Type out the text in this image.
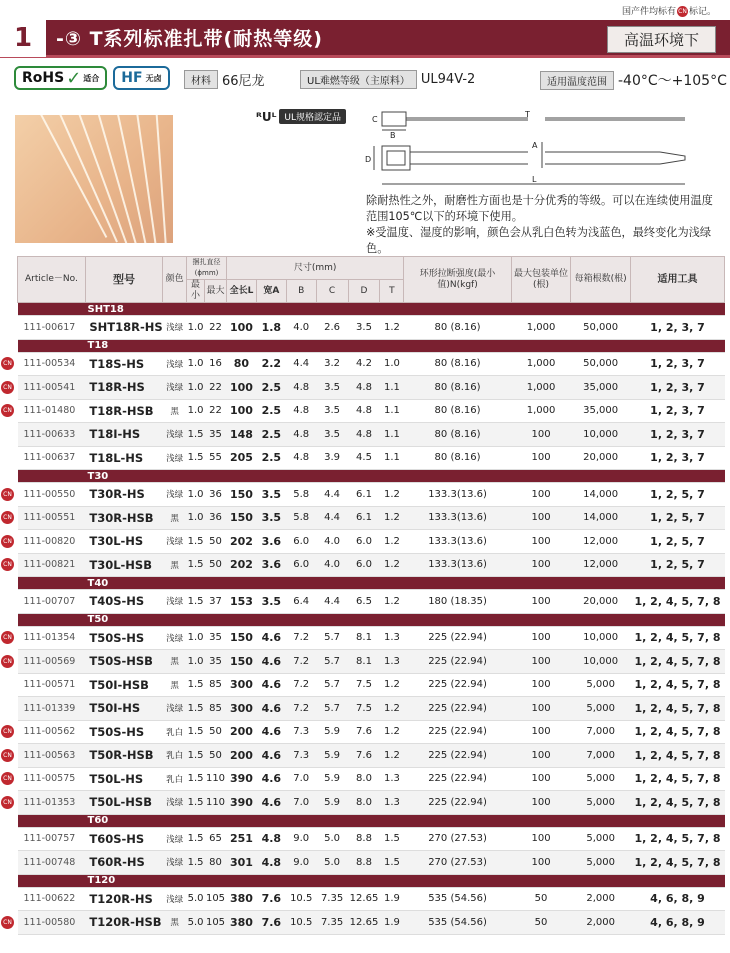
国产件均标有 CN 标记。
1	-③ T系列标准扎带(耐热等级)	高温环境下
RoHS ✓ 适合 HF 无卤	材料 66尼龙	UL难燃等级（主原料） UL94V-2	适用温度范围 -40°C～+105°C
ᴿUᴸ UL规格認定品	C
B
T
D
A
L
除耐热性之外，耐磨性方面也是十分优秀的等级。可以在连续使用温度范围105℃以下的环境下使用。
※受温度、湿度的影响，颜色会从乳白色转为浅蓝色，最终变化为浅绿色。
Article－No.	型号	颜色	捆扎直径(ϕmm)		尺寸(mm)						环形拉断强度(最小值)N(kgf)	最大包装单位(根)	每箱根数(根)	适用工具
			最小	最大	全长L	宽A	B	C	D	T				
SHT18														
111-00617	SHT18R-HS	浅绿	1.0	22	100	1.8	4.0	2.6	3.5	1.2	80 (8.16)	1,000	50,000	1, 2, 3, 7
T18														
111-00534	T18S-HS	浅绿	1.0	16	80	2.2	4.4	3.2	4.2	1.0	80 (8.16)	1,000	50,000	1, 2, 3, 7
111-00541	T18R-HS	浅绿	1.0	22	100	2.5	4.8	3.5	4.8	1.1	80 (8.16)	1,000	35,000	1, 2, 3, 7
111-01480	T18R-HSB	黑	1.0	22	100	2.5	4.8	3.5	4.8	1.1	80 (8.16)	1,000	35,000	1, 2, 3, 7
111-00633	T18I-HS	浅绿	1.5	35	148	2.5	4.8	3.5	4.8	1.1	80 (8.16)	100	10,000	1, 2, 3, 7
111-00637	T18L-HS	浅绿	1.5	55	205	2.5	4.8	3.9	4.5	1.1	80 (8.16)	100	20,000	1, 2, 3, 7
T30														
111-00550	T30R-HS	浅绿	1.0	36	150	3.5	5.8	4.4	6.1	1.2	133.3(13.6)	100	14,000	1, 2, 5, 7
111-00551	T30R-HSB	黑	1.0	36	150	3.5	5.8	4.4	6.1	1.2	133.3(13.6)	100	14,000	1, 2, 5, 7
111-00820	T30L-HS	浅绿	1.5	50	202	3.6	6.0	4.0	6.0	1.2	133.3(13.6)	100	12,000	1, 2, 5, 7
111-00821	T30L-HSB	黑	1.5	50	202	3.6	6.0	4.0	6.0	1.2	133.3(13.6)	100	12,000	1, 2, 5, 7
T40														
111-00707	T40S-HS	浅绿	1.5	37	153	3.5	6.4	4.4	6.5	1.2	180 (18.35)	100	20,000	1, 2, 4, 5, 7, 8
T50														
111-01354	T50S-HS	浅绿	1.0	35	150	4.6	7.2	5.7	8.1	1.3	225 (22.94)	100	10,000	1, 2, 4, 5, 7, 8
111-00569	T50S-HSB	黑	1.0	35	150	4.6	7.2	5.7	8.1	1.3	225 (22.94)	100	10,000	1, 2, 4, 5, 7, 8
111-00571	T50I-HSB	黑	1.5	85	300	4.6	7.2	5.7	7.5	1.2	225 (22.94)	100	5,000	1, 2, 4, 5, 7, 8
111-01339	T50I-HS	浅绿	1.5	85	300	4.6	7.2	5.7	7.5	1.2	225 (22.94)	100	5,000	1, 2, 4, 5, 7, 8
111-00562	T50S-HS	乳白	1.5	50	200	4.6	7.3	5.9	7.6	1.2	225 (22.94)	100	7,000	1, 2, 4, 5, 7, 8
111-00563	T50R-HSB	乳白	1.5	50	200	4.6	7.3	5.9	7.6	1.2	225 (22.94)	100	7,000	1, 2, 4, 5, 7, 8
111-00575	T50L-HS	乳白	1.5	110	390	4.6	7.0	5.9	8.0	1.3	225 (22.94)	100	5,000	1, 2, 4, 5, 7, 8
111-01353	T50L-HSB	浅绿	1.5	110	390	4.6	7.0	5.9	8.0	1.3	225 (22.94)	100	5,000	1, 2, 4, 5, 7, 8
T60														
111-00757	T60S-HS	浅绿	1.5	65	251	4.8	9.0	5.0	8.8	1.5	270 (27.53)	100	5,000	1, 2, 4, 5, 7, 8
111-00748	T60R-HS	浅绿	1.5	80	301	4.8	9.0	5.0	8.8	1.5	270 (27.53)	100	5,000	1, 2, 4, 5, 7, 8
T120														
111-00622	T120R-HS	浅绿	5.0	105	380	7.6	10.5	7.35	12.65	1.9	535 (54.56)	50	2,000	4, 6, 8, 9
111-00580	T120R-HSB	黑	5.0	105	380	7.6	10.5	7.35	12.65	1.9	535 (54.56)	50	2,000	4, 6, 8, 9
CN
CN
CN
CN
CN
CN
CN
CN
CN
CN
CN
CN
CN
CN
